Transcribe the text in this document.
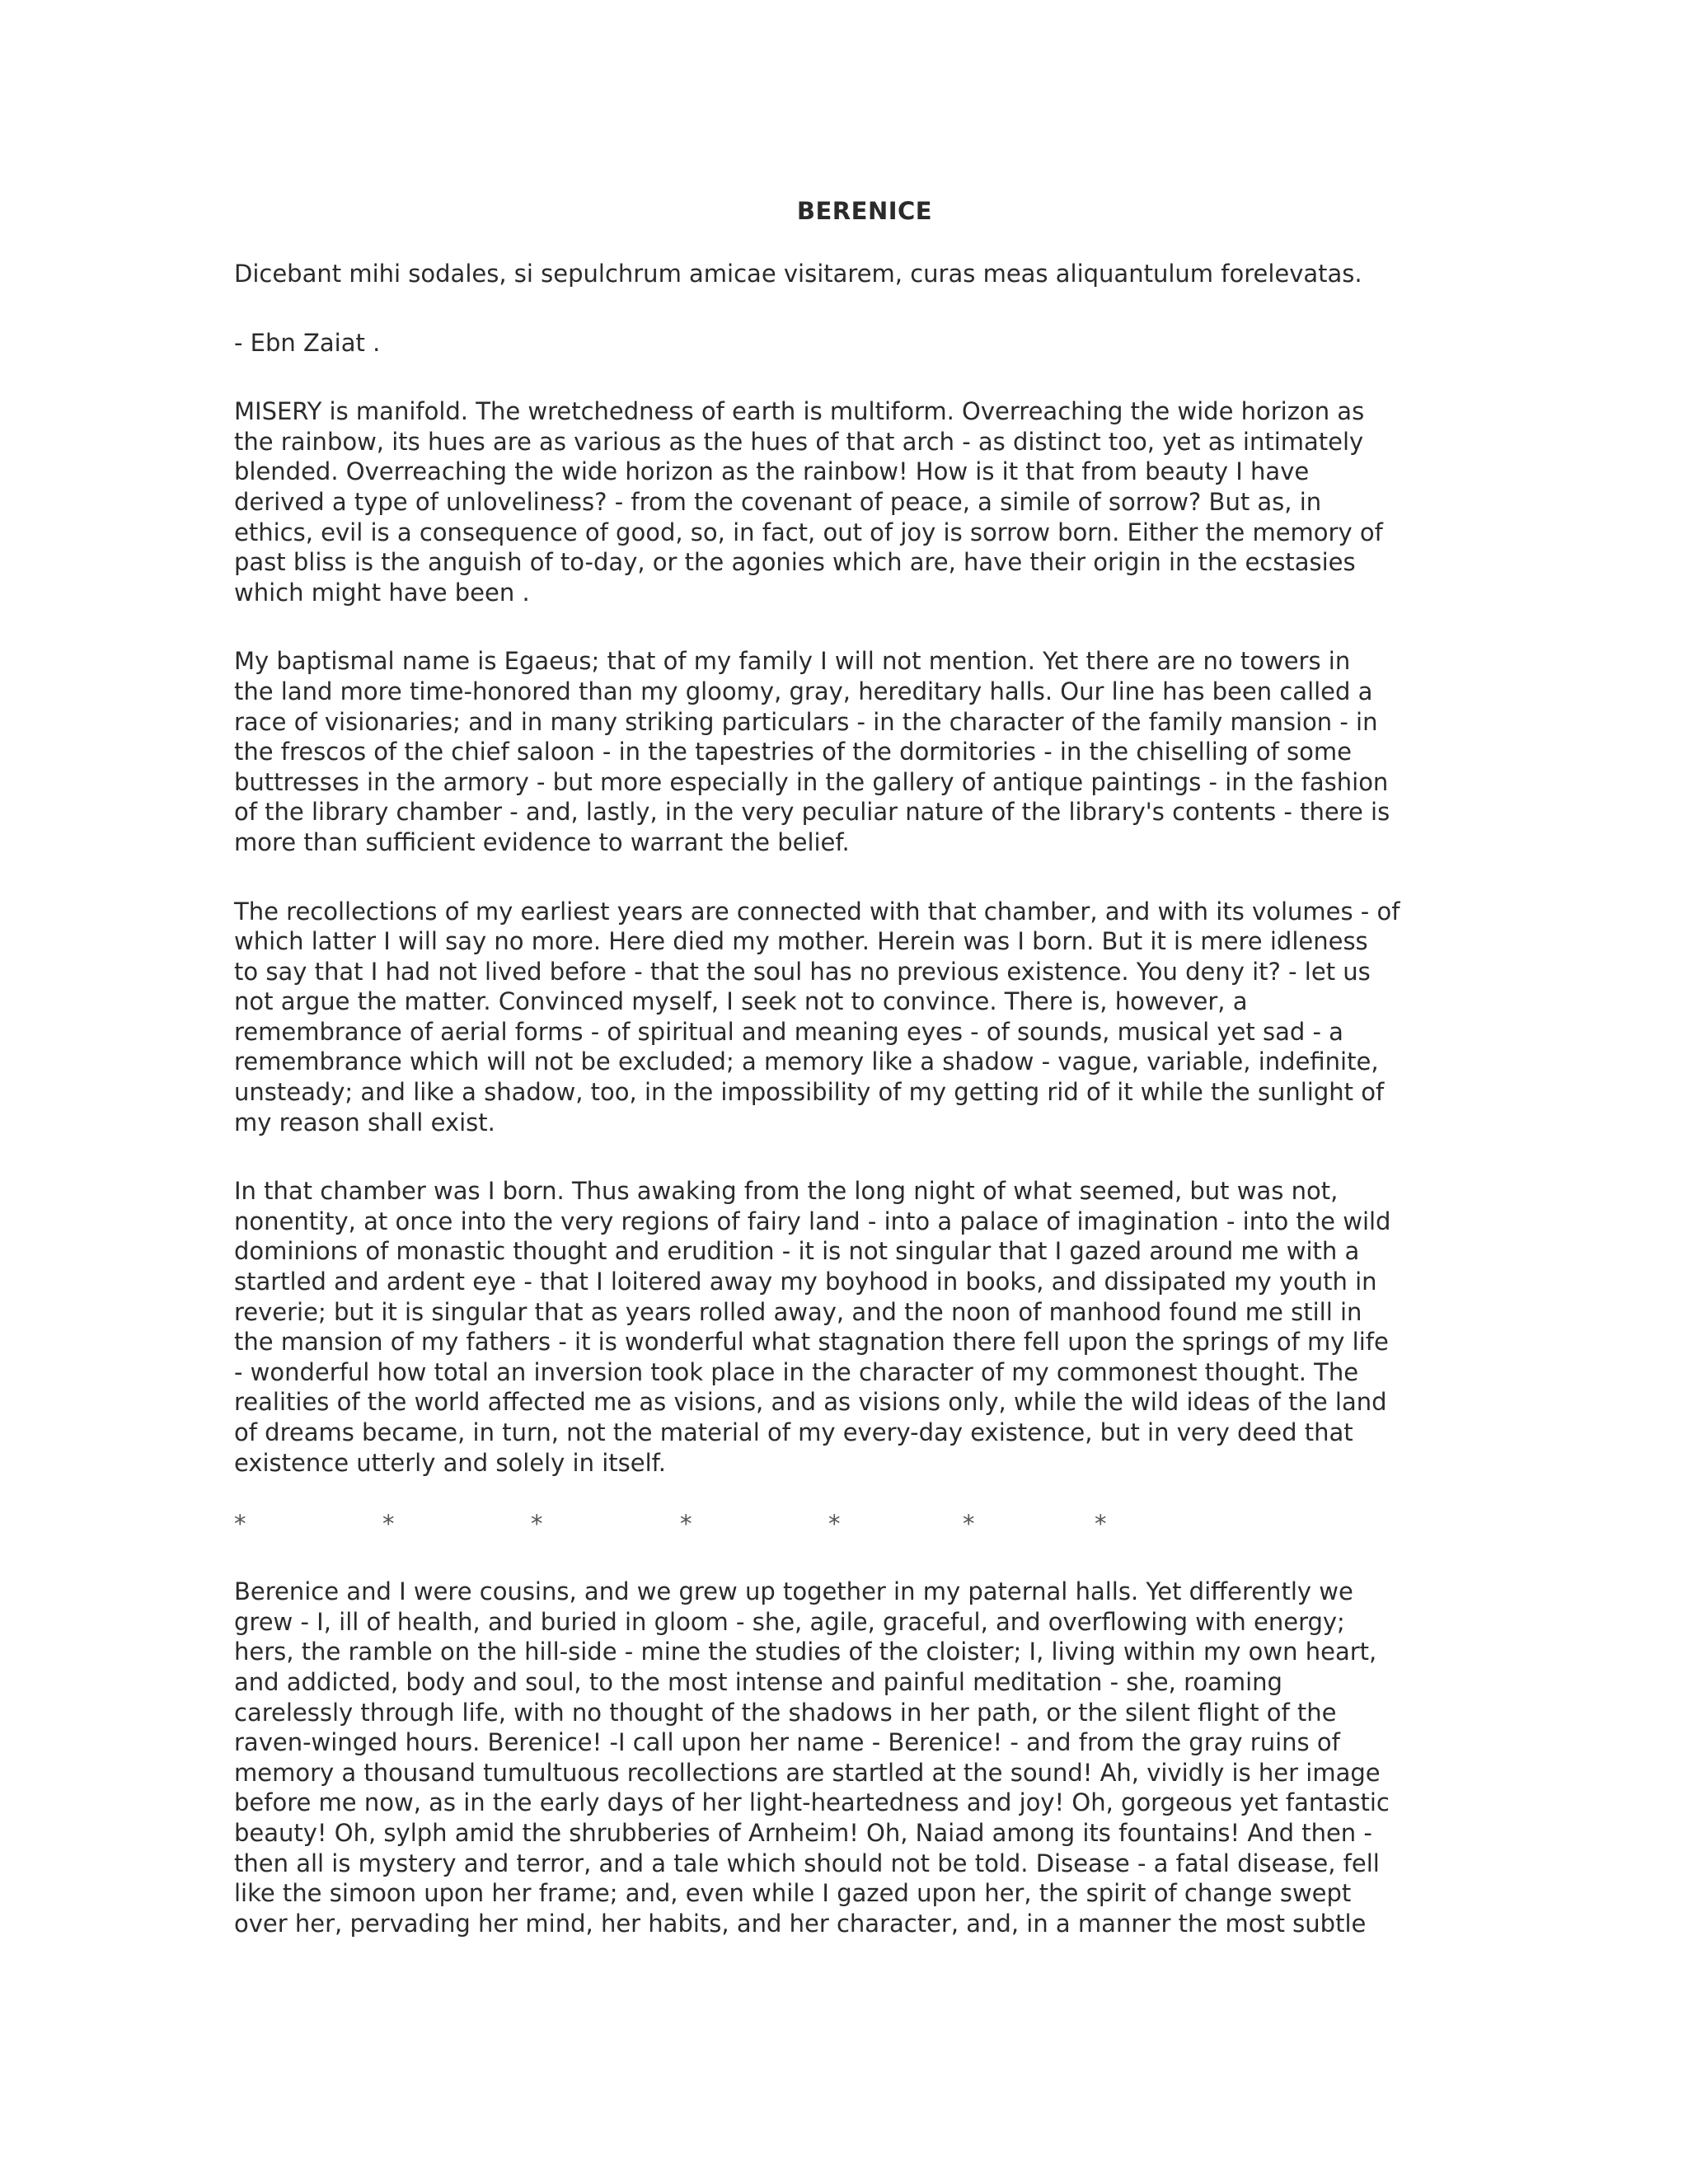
BERENICE

Dicebant mihi sodales, si sepulchrum amicae visitarem, curas meas aliquantulum forelevatas.

- Ebn Zaiat .

MISERY is manifold. The wretchedness of earth is multiform. Overreaching the wide horizon as
the rainbow, its hues are as various as the hues of that arch - as distinct too, yet as intimately
blended. Overreaching the wide horizon as the rainbow! How is it that from beauty I have
derived a type of unloveliness? - from the covenant of peace, a simile of sorrow? But as, in
ethics, evil is a consequence of good, so, in fact, out of joy is sorrow born. Either the memory of
past bliss is the anguish of to-day, or the agonies which are, have their origin in the ecstasies
which might have been .

My baptismal name is Egaeus; that of my family I will not mention. Yet there are no towers in
the land more time-honored than my gloomy, gray, hereditary halls. Our line has been called a
race of visionaries; and in many striking particulars - in the character of the family mansion - in
the frescos of the chief saloon - in the tapestries of the dormitories - in the chiselling of some
buttresses in the armory - but more especially in the gallery of antique paintings - in the fashion
of the library chamber - and, lastly, in the very peculiar nature of the library's contents - there is
more than sufficient evidence to warrant the belief.

The recollections of my earliest years are connected with that chamber, and with its volumes - of
which latter I will say no more. Here died my mother. Herein was I born. But it is mere idleness
to say that I had not lived before - that the soul has no previous existence. You deny it? - let us
not argue the matter. Convinced myself, I seek not to convince. There is, however, a
remembrance of aerial forms - of spiritual and meaning eyes - of sounds, musical yet sad - a
remembrance which will not be excluded; a memory like a shadow - vague, variable, indefinite,
unsteady; and like a shadow, too, in the impossibility of my getting rid of it while the sunlight of
my reason shall exist.

In that chamber was I born. Thus awaking from the long night of what seemed, but was not,
nonentity, at once into the very regions of fairy land - into a palace of imagination - into the wild
dominions of monastic thought and erudition - it is not singular that I gazed around me with a
startled and ardent eye - that I loitered away my boyhood in books, and dissipated my youth in
reverie; but it is singular that as years rolled away, and the noon of manhood found me still in
the mansion of my fathers - it is wonderful what stagnation there fell upon the springs of my life
- wonderful how total an inversion took place in the character of my commonest thought. The
realities of the world affected me as visions, and as visions only, while the wild ideas of the land
of dreams became, in turn, not the material of my every-day existence, but in very deed that
existence utterly and solely in itself.

*	*	*	*	*	*	*

Berenice and I were cousins, and we grew up together in my paternal halls. Yet differently we
grew - I, ill of health, and buried in gloom - she, agile, graceful, and overflowing with energy;
hers, the ramble on the hill-side - mine the studies of the cloister; I, living within my own heart,
and addicted, body and soul, to the most intense and painful meditation - she, roaming
carelessly through life, with no thought of the shadows in her path, or the silent flight of the
raven-winged hours. Berenice! -I call upon her name - Berenice! - and from the gray ruins of
memory a thousand tumultuous recollections are startled at the sound! Ah, vividly is her image
before me now, as in the early days of her light-heartedness and joy! Oh, gorgeous yet fantastic
beauty! Oh, sylph amid the shrubberies of Arnheim! Oh, Naiad among its fountains! And then -
then all is mystery and terror, and a tale which should not be told. Disease - a fatal disease, fell
like the simoon upon her frame; and, even while I gazed upon her, the spirit of change swept
over her, pervading her mind, her habits, and her character, and, in a manner the most subtle
